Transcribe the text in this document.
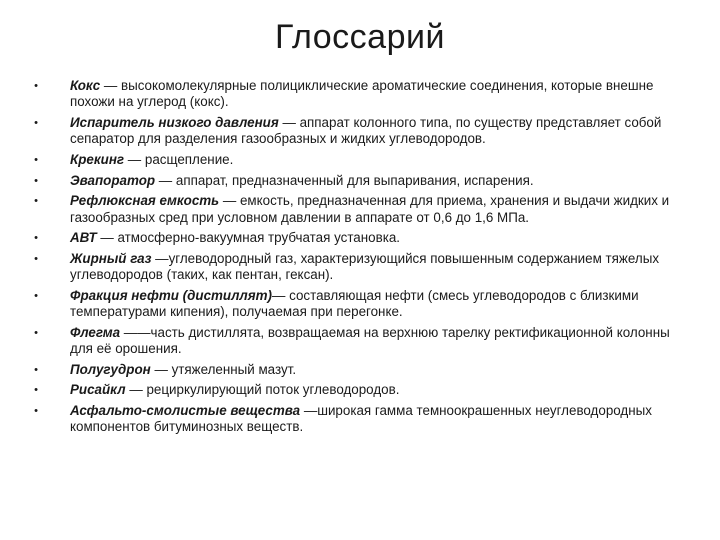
Глоссарий
•	Кокс — высокомолекулярные полициклические ароматические соединения, которые внешне похожи на углерод (кокс).
•	Испаритель низкого давления — аппарат колонного типа, по существу представляет собой сепаратор для разделения газообразных и жидких углеводородов.
•	Крекинг — расщепление.
•	Эвапоратор — аппарат, предназначенный для выпаривания, испарения.
•	Рефлюксная емкость — емкость, предназначенная для приема, хранения и выдачи жидких и газообразных сред при условном давлении в аппарате от 0,6 до 1,6 МПа.
•	АВТ — атмосферно-вакуумная трубчатая установка.
•	Жирный газ —углеводородный газ, характеризующийся повышенным содержанием тяжелых углеводородов (таких, как пентан, гексан).
•	Фракция нефти (дистиллят)— составляющая нефти (смесь углеводородов с близкими температурами кипения), получаемая при перегонке.
•	Флегма ——часть дистиллята, возвращаемая на верхнюю тарелку ректификационной колонны для её орошения.
•	Полугудрон — утяжеленный мазут.
•	Рисайкл — рециркулирующий поток углеводородов.
•	Асфальто-смолистые вещества —широкая гамма темноокрашенных неуглеводородных компонентов битуминозных веществ.
